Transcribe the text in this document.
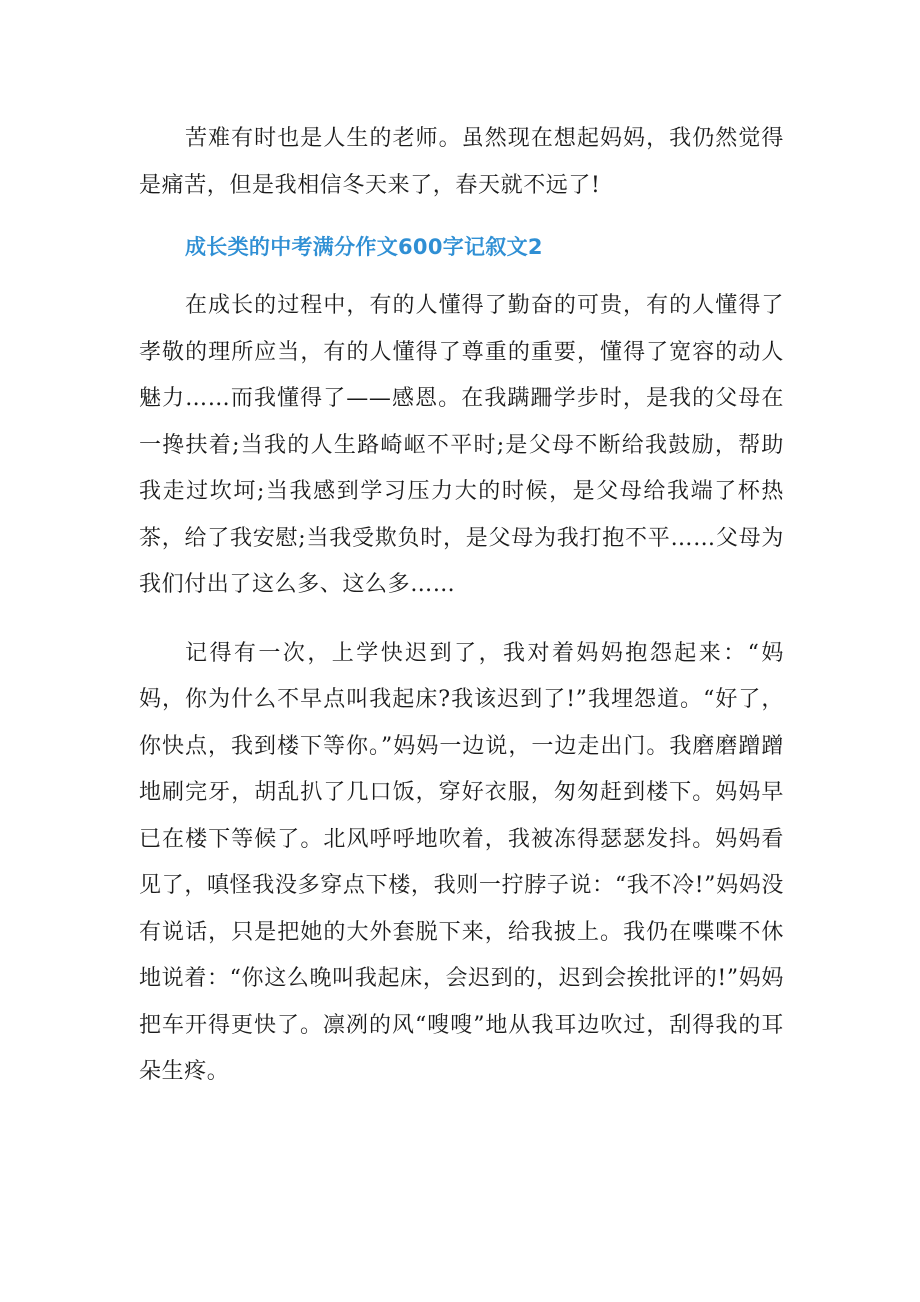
苦难有时也是人生的老师。虽然现在想起妈妈，我仍然觉得是痛苦，但是我相信冬天来了，春天就不远了!

成长类的中考满分作文600字记叙文2

在成长的过程中，有的人懂得了勤奋的可贵，有的人懂得了孝敬的理所应当，有的人懂得了尊重的重要，懂得了宽容的动人魅力……而我懂得了——感恩。在我蹒跚学步时，是我的父母在一搀扶着;当我的人生路崎岖不平时;是父母不断给我鼓励，帮助我走过坎坷;当我感到学习压力大的时候，是父母给我端了杯热茶，给了我安慰;当我受欺负时，是父母为我打抱不平……父母为我们付出了这么多、这么多……

记得有一次，上学快迟到了，我对着妈妈抱怨起来：“妈妈，你为什么不早点叫我起床?我该迟到了!”我埋怨道。“好了，你快点，我到楼下等你。”妈妈一边说，一边走出门。我磨磨蹭蹭地刷完牙，胡乱扒了几口饭，穿好衣服，匆匆赶到楼下。妈妈早已在楼下等候了。北风呼呼地吹着，我被冻得瑟瑟发抖。妈妈看见了，嗔怪我没多穿点下楼，我则一拧脖子说：“我不冷!”妈妈没有说话，只是把她的大外套脱下来，给我披上。我仍在喋喋不休地说着：“你这么晚叫我起床，会迟到的，迟到会挨批评的!”妈妈把车开得更快了。凛冽的风“嗖嗖”地从我耳边吹过，刮得我的耳朵生疼。
